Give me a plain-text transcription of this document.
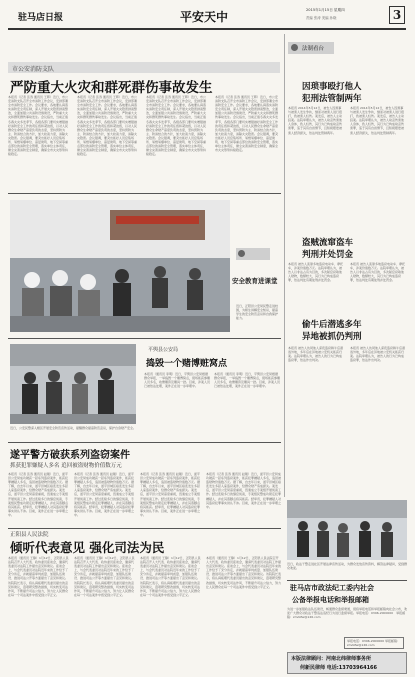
驻马店日报	平安天中	2015年1月15日 星期四
责编 张涛 美编 孙晓	3
市公安消防支队
严防重大火灾和群死群伤事故发生
本报讯（记者 张涛 通讯员 王辉）近日，市公安消防支队召开全市消防工作会议，安排部署全市消防安全工作。会议要求，各地要认真落实消防安全责任制，深入开展火灾隐患排查整治，全面加强公共消防设施建设，严防重大火灾和群死群伤事故发生。会议指出，当前正值冬春火灾多发季节，各级各部门要切实增强做好消防安全工作的责任感和紧迫感，以对人民群众生命财产高度负责的态度，坚持预防为主、防消结合的方针，加大检查力度，消除火灾隐患。会议强调，要突出抓好人员密集场所、易燃易爆单位、高层建筑、地下空间等重点部位的消防安全管理，落实单位主体责任，健全完善消防安全制度，确保全市火灾形势持续稳定。
本报讯（记者 张涛 通讯员 王辉）近日，市公安消防支队召开全市消防工作会议，安排部署全市消防安全工作。会议要求，各地要认真落实消防安全责任制，深入开展火灾隐患排查整治，全面加强公共消防设施建设，严防重大火灾和群死群伤事故发生。会议指出，当前正值冬春火灾多发季节，各级各部门要切实增强做好消防安全工作的责任感和紧迫感，以对人民群众生命财产高度负责的态度，坚持预防为主、防消结合的方针，加大检查力度，消除火灾隐患。会议强调，要突出抓好人员密集场所、易燃易爆单位、高层建筑、地下空间等重点部位的消防安全管理，落实单位主体责任，健全完善消防安全制度，确保全市火灾形势持续稳定。
本报讯（记者 张涛 通讯员 王辉）近日，市公安消防支队召开全市消防工作会议，安排部署全市消防安全工作。会议要求，各地要认真落实消防安全责任制，深入开展火灾隐患排查整治，全面加强公共消防设施建设，严防重大火灾和群死群伤事故发生。会议指出，当前正值冬春火灾多发季节，各级各部门要切实增强做好消防安全工作的责任感和紧迫感，以对人民群众生命财产高度负责的态度，坚持预防为主、防消结合的方针，加大检查力度，消除火灾隐患。会议强调，要突出抓好人员密集场所、易燃易爆单位、高层建筑、地下空间等重点部位的消防安全管理，落实单位主体责任，健全完善消防安全制度，确保全市火灾形势持续稳定。
本报讯（记者 张涛 通讯员 王辉）近日，市公安消防支队召开全市消防工作会议，安排部署全市消防安全工作。会议要求，各地要认真落实消防安全责任制，深入开展火灾隐患排查整治，全面加强公共消防设施建设，严防重大火灾和群死群伤事故发生。会议指出，当前正值冬春火灾多发季节，各级各部门要切实增强做好消防安全工作的责任感和紧迫感，以对人民群众生命财产高度负责的态度，坚持预防为主、防消结合的方针，加大检查力度，消除火灾隐患。会议强调，要突出抓好人员密集场所、易燃易爆单位、高层建筑、地下空间等重点部位的消防安全管理，落实单位主体责任，健全完善消防安全制度，确保全市火灾形势持续稳定。
法制看台
因琐事殴打他人
犯刑法管制两年
本报讯 2014年5月12日，被告人因琐事与被害人发生争执，继而对被害人进行殴打，致被害人轻伤。案发后，被告人主动投案。法院审理认为，被告人故意伤害他人身体，致人轻伤，其行为已构成故意伤害罪，鉴于其有自首情节，且积极赔偿被害人经济损失，依法判处管制两年。
本报讯 2014年5月12日，被告人因琐事与被害人发生争执，继而对被害人进行殴打，致被害人轻伤。案发后，被告人主动投案。法院审理认为，被告人故意伤害他人身体，致人轻伤，其行为已构成故意伤害罪，鉴于其有自首情节，且积极赔偿被害人经济损失，依法判处管制两年。
安全教育进课堂
近日，正阳县公安局民警走进校园，为师生讲解安全知识，提高学生的安全防范意识和自我保护能力。
盗贼流窜盗车
判刑并处罚金
本报讯 被告人流窜多地盗窃电动车、摩托车，涉案价值数万元。法院审理认为，被告人以非法占有为目的，多次秘密窃取他人财物，数额较大，其行为已构成盗窃罪，依法判处有期徒刑并处罚金。
本报讯 被告人流窜多地盗窃电动车、摩托车，涉案价值数万元。法院审理认为，被告人以非法占有为目的，多次秘密窃取他人财物，数额较大，其行为已构成盗窃罪，依法判处有期徒刑并处罚金。
偷牛后潜逃多年
异地被抓仍判刑
本报讯 被告人伙同他人深夜盗窃耕牛后潜逃外地，多年后在异地被公安机关抓获归案。法院审理认为，被告人的行为已构成盗窃罪，依法作出判决。
本报讯 被告人伙同他人深夜盗窃耕牛后潜逃外地，多年后在异地被公安机关抓获归案。法院审理认为，被告人的行为已构成盗窃罪，依法作出判决。
近日，公安民警深入辖区开展安全防范宣传活动，提醒群众提高防范意识，保护自身财产安全。
平舆县公安局
捣毁一个赌博赃窝点
本报讯（通讯员 李明）近日，平舆县公安局根据群众举报，一举捣毁一个赌博窝点，现场抓获参赌人员多名，收缴赌资及赌具一批。目前，涉案人员已被依法处理，案件正在进一步审理中。
本报讯（通讯员 李明）近日，平舆县公安局根据群众举报，一举捣毁一个赌博窝点，现场抓获参赌人员多名，收缴赌资及赌具一批。目前，涉案人员已被依法处理，案件正在进一步审理中。
遂平警方破获系列盗窃案件
抓获犯罪嫌疑人多名 追回被盗财物价值数万元
本报讯（记者 张涛 通讯员 赵刚）近日，遂平县公安局成功破获一起系列盗窃案件，抓获犯罪嫌疑人多名，追回被盗财物价值数万元。据了解，自去年以来，遂平县城区接连发生多起入室盗窃案件，给群众财产造成损失。案发后，遂平县公安局高度重视，迅速成立专案组开展侦查工作。经过连续多日的缜密侦查，专案组民警成功锁定犯罪嫌疑人，并在其落脚点将其抓获。经审讯，犯罪嫌疑人对其盗窃犯罪事实供认不讳。目前，案件正在进一步审理之中。
本报讯（记者 张涛 通讯员 赵刚）近日，遂平县公安局成功破获一起系列盗窃案件，抓获犯罪嫌疑人多名，追回被盗财物价值数万元。据了解，自去年以来，遂平县城区接连发生多起入室盗窃案件，给群众财产造成损失。案发后，遂平县公安局高度重视，迅速成立专案组开展侦查工作。经过连续多日的缜密侦查，专案组民警成功锁定犯罪嫌疑人，并在其落脚点将其抓获。经审讯，犯罪嫌疑人对其盗窃犯罪事实供认不讳。目前，案件正在进一步审理之中。
本报讯（记者 张涛 通讯员 赵刚）近日，遂平县公安局成功破获一起系列盗窃案件，抓获犯罪嫌疑人多名，追回被盗财物价值数万元。据了解，自去年以来，遂平县城区接连发生多起入室盗窃案件，给群众财产造成损失。案发后，遂平县公安局高度重视，迅速成立专案组开展侦查工作。经过连续多日的缜密侦查，专案组民警成功锁定犯罪嫌疑人，并在其落脚点将其抓获。经审讯，犯罪嫌疑人对其盗窃犯罪事实供认不讳。目前，案件正在进一步审理之中。
本报讯（记者 张涛 通讯员 赵刚）近日，遂平县公安局成功破获一起系列盗窃案件，抓获犯罪嫌疑人多名，追回被盗财物价值数万元。据了解，自去年以来，遂平县城区接连发生多起入室盗窃案件，给群众财产造成损失。案发后，遂平县公安局高度重视，迅速成立专案组开展侦查工作。经过连续多日的缜密侦查，专案组民警成功锁定犯罪嫌疑人，并在其落脚点将其抓获。经审讯，犯罪嫌疑人对其盗窃犯罪事实供认不讳。目前，案件正在进一步审理之中。
正阳县人民法院
倾听代表意见 强化司法为民
本报讯（通讯员 王静）1月12日，正阳县人民法院召开人大代表、政协委员座谈会，邀请代表委员对法院工作提出意见和建议。座谈会上，与会代表委员对法院近年来的工作给予了充分肯定，并就提高审判质量、加强队伍建设、推进司法公开等方面提出了意见和建议。该院院长表示，将认真梳理代表委员提出的意见和建议，逐项研究整改措施，切实转变司法作风，不断提升司法公信力，努力让人民群众在每一个司法案件中感受到公平正义。
本报讯（通讯员 王静）1月12日，正阳县人民法院召开人大代表、政协委员座谈会，邀请代表委员对法院工作提出意见和建议。座谈会上，与会代表委员对法院近年来的工作给予了充分肯定，并就提高审判质量、加强队伍建设、推进司法公开等方面提出了意见和建议。该院院长表示，将认真梳理代表委员提出的意见和建议，逐项研究整改措施，切实转变司法作风，不断提升司法公信力，努力让人民群众在每一个司法案件中感受到公平正义。
本报讯（通讯员 王静）1月12日，正阳县人民法院召开人大代表、政协委员座谈会，邀请代表委员对法院工作提出意见和建议。座谈会上，与会代表委员对法院近年来的工作给予了充分肯定，并就提高审判质量、加强队伍建设、推进司法公开等方面提出了意见和建议。该院院长表示，将认真梳理代表委员提出的意见和建议，逐项研究整改措施，切实转变司法作风，不断提升司法公信力，努力让人民群众在每一个司法案件中感受到公平正义。
本报讯（通讯员 王静）1月12日，正阳县人民法院召开人大代表、政协委员座谈会，邀请代表委员对法院工作提出意见和建议。座谈会上，与会代表委员对法院近年来的工作给予了充分肯定，并就提高审判质量、加强队伍建设、推进司法公开等方面提出了意见和建议。该院院长表示，将认真梳理代表委员提出的意见和建议，逐项研究整改措施，切实转变司法作风，不断提升司法公信力，努力让人民群众在每一个司法案件中感受到公平正义。
近日，政法干警走进社区开展法律宣传活动，为群众发放宣传资料，解答法律疑问，受到群众欢迎。
驻马店市政法纪工委内社会
公备举报电话和举报邮箱
为进一步加强政法队伍建设，畅通群众监督渠道，现将举报电话和举报邮箱向社会公布，欢迎广大群众对政法干警违法违纪行为进行监督举报。举报电话：0396-2000000　举报邮箱：zmdzfw@126.com
举报电话：0396-2000000 举报邮箱：zmdzfw@126.com
本版法律顾问：河南北纬律师事务所
何新民律师 电话:13703964166
